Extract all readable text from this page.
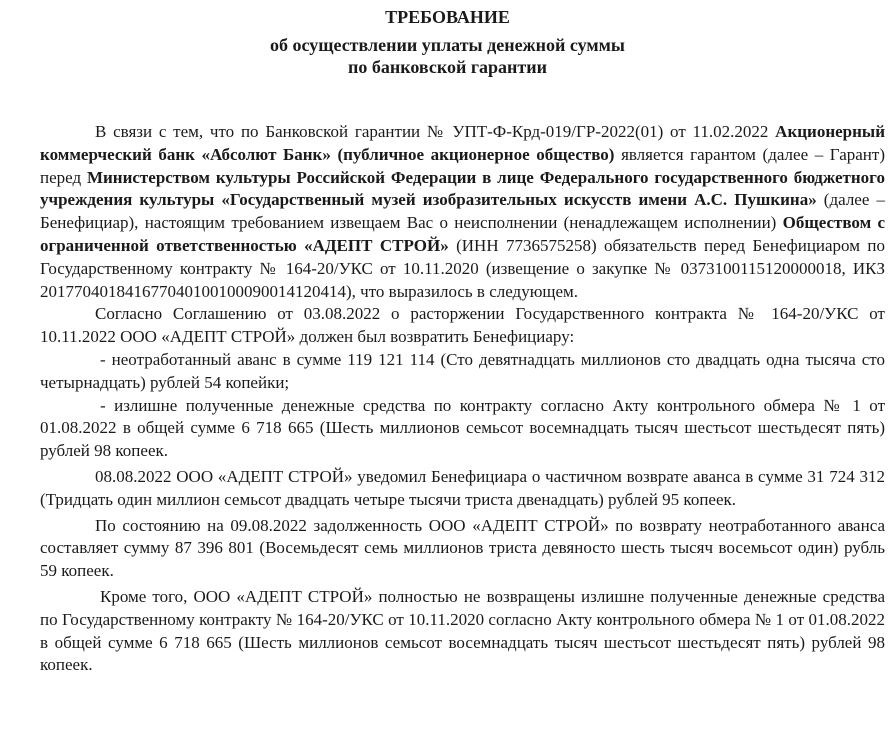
ТРЕБОВАНИЕ
об осуществлении уплаты денежной суммы
по банковской гарантии

В связи с тем, что по Банковской гарантии № УПТ-Ф-Крд-019/ГР-2022(01) от 11.02.2022 Акционерный коммерческий банк «Абсолют Банк» (публичное акционерное общество) является гарантом (далее – Гарант) перед Министерством культуры Российской Федерации в лице Федерального государственного бюджетного учреждения культуры «Государственный музей изобразительных искусств имени А.С. Пушкина» (далее – Бенефициар), настоящим требованием извещаем Вас о неисполнении (ненадлежащем исполнении) Обществом с ограниченной ответственностью «АДЕПТ СТРОЙ» (ИНН 7736575258) обязательств перед Бенефициаром по Государственному контракту № 164-20/УКС от 10.11.2020 (извещение о закупке № 0373100115120000018, ИКЗ 201770401841677040100100090014120414), что выразилось в следующем.

Согласно Соглашению от 03.08.2022 о расторжении Государственного контракта № 164-20/УКС от 10.11.2022 ООО «АДЕПТ СТРОЙ» должен был возвратить Бенефициару:

- неотработанный аванс в сумме 119 121 114 (Сто девятнадцать миллионов сто двадцать одна тысяча сто четырнадцать) рублей 54 копейки;

- излишне полученные денежные средства по контракту согласно Акту контрольного обмера № 1 от 01.08.2022 в общей сумме 6 718 665 (Шесть миллионов семьсот восемнадцать тысяч шестьсот шестьдесят пять) рублей 98 копеек.

08.08.2022 ООО «АДЕПТ СТРОЙ» уведомил Бенефициара о частичном возврате аванса в сумме 31 724 312 (Тридцать один миллион семьсот двадцать четыре тысячи триста двенадцать) рублей 95 копеек.

По состоянию на 09.08.2022 задолженность ООО «АДЕПТ СТРОЙ» по возврату неотработанного аванса составляет сумму 87 396 801 (Восемьдесят семь миллионов триста девяносто шесть тысяч восемьсот один) рубль 59 копеек.

Кроме того, ООО «АДЕПТ СТРОЙ» полностью не возвращены излишне полученные денежные средства по Государственному контракту № 164-20/УКС от 10.11.2020 согласно Акту контрольного обмера № 1 от 01.08.2022 в общей сумме 6 718 665 (Шесть миллионов семьсот восемнадцать тысяч шестьсот шестьдесят пять) рублей 98 копеек.
